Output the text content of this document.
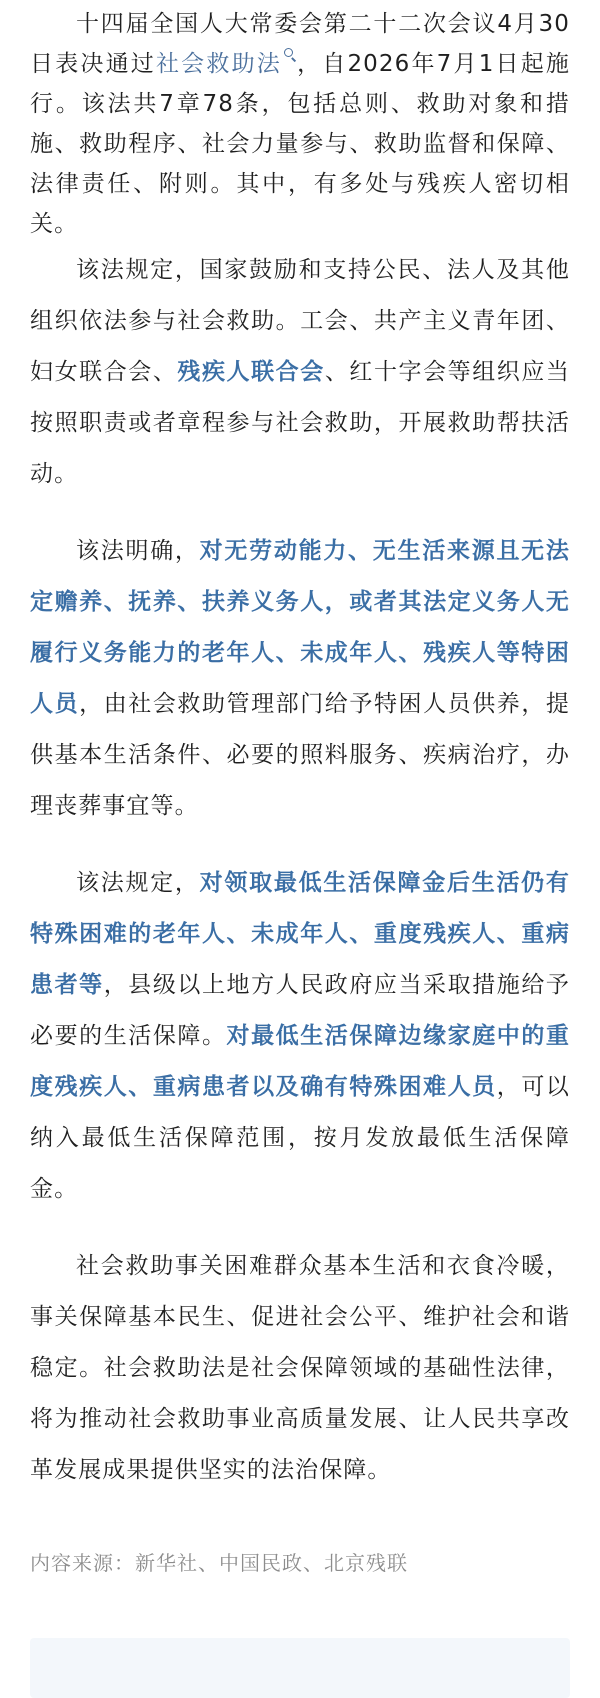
十四届全国人大常委会第二十二次会议4月30日表决通过社会救助法 ，自2026年7月1日起施行。该法共7章78条，包括总则、救助对象和措施、救助程序、社会力量参与、救助监督和保障、法律责任、附则。其中，有多处与残疾人密切相关。

该法规定，国家鼓励和支持公民、法人及其他组织依法参与社会救助。工会、共产主义青年团、妇女联合会、残疾人联合会、红十字会等组织应当按照职责或者章程参与社会救助，开展救助帮扶活动。

该法明确，对无劳动能力、无生活来源且无法定赡养、抚养、扶养义务人，或者其法定义务人无履行义务能力的老年人、未成年人、残疾人等特困人员，由社会救助管理部门给予特困人员供养，提供基本生活条件、必要的照料服务、疾病治疗，办理丧葬事宜等。

该法规定，对领取最低生活保障金后生活仍有特殊困难的老年人、未成年人、重度残疾人、重病患者等，县级以上地方人民政府应当采取措施给予必要的生活保障。对最低生活保障边缘家庭中的重度残疾人、重病患者以及确有特殊困难人员，可以纳入最低生活保障范围，按月发放最低生活保障金。

社会救助事关困难群众基本生活和衣食冷暖，事关保障基本民生、促进社会公平、维护社会和谐稳定。社会救助法是社会保障领域的基础性法律，将为推动社会救助事业高质量发展、让人民共享改革发展成果提供坚实的法治保障。

内容来源：新华社、中国民政、北京残联
